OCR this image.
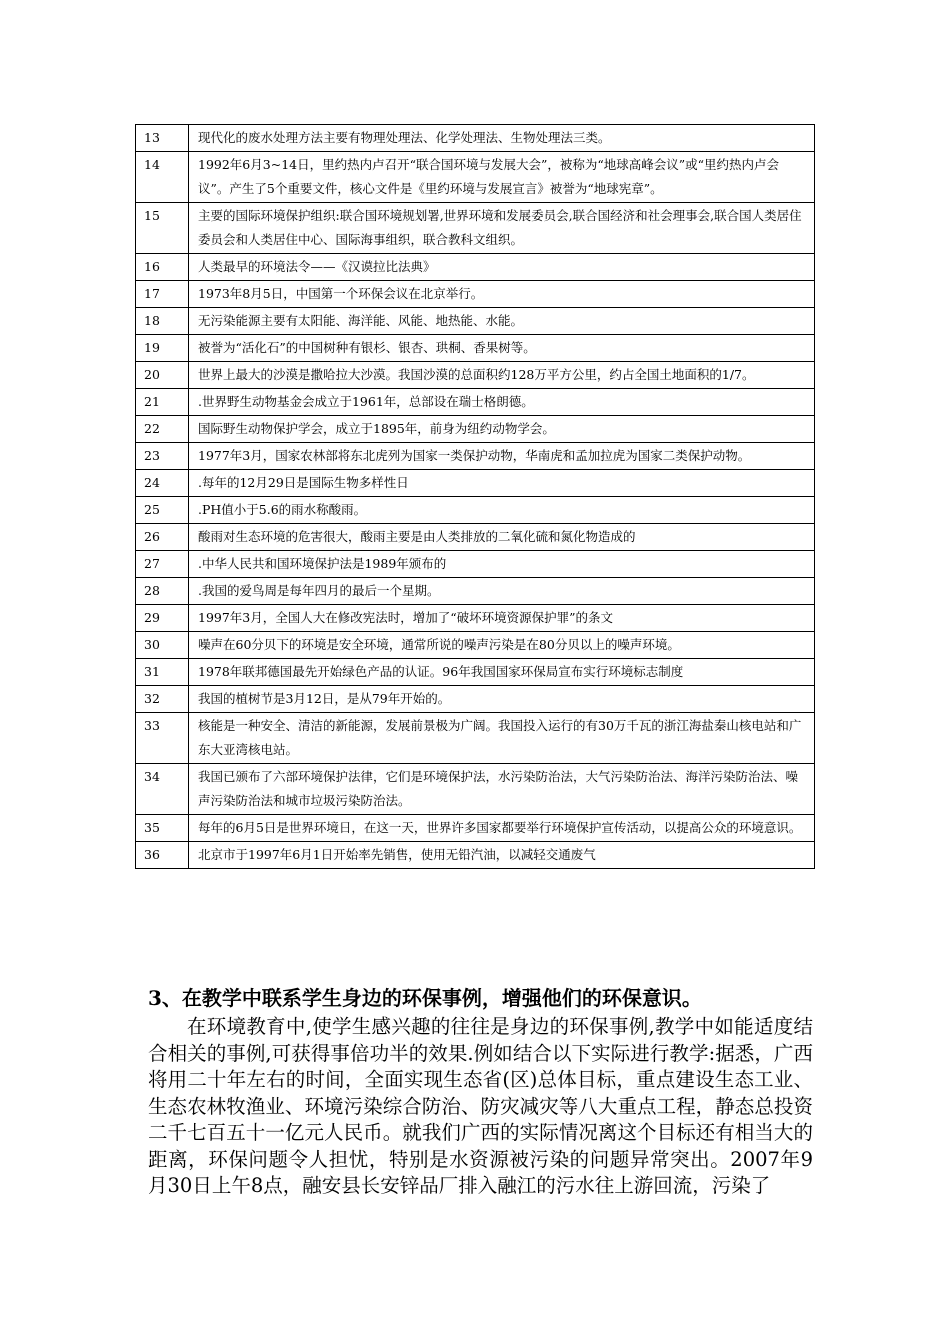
13	现代化的废水处理方法主要有物理处理法、化学处理法、生物处理法三类。
14	1992年6月3~14日，里约热内卢召开“联合国环境与发展大会”，被称为“地球高峰会议”或“里约热内卢会议”。产生了5个重要文件，核心文件是《里约环境与发展宣言》被誉为“地球宪章”。
15	主要的国际环境保护组织:联合国环境规划署,世界环境和发展委员会,联合国经济和社会理事会,联合国人类居住委员会和人类居住中心、国际海事组织，联合教科文组织。
16	人类最早的环境法令——《汉谟拉比法典》
17	1973年8月5日，中国第一个环保会议在北京举行。
18	无污染能源主要有太阳能、海洋能、风能、地热能、水能。
19	被誉为“活化石”的中国树种有银杉、银杏、珙桐、香果树等。
20	世界上最大的沙漠是撒哈拉大沙漠。我国沙漠的总面积约128万平方公里，约占全国土地面积的1/7。
21	.世界野生动物基金会成立于1961年，总部设在瑞士格朗德。
22	国际野生动物保护学会，成立于1895年，前身为纽约动物学会。
23	1977年3月，国家农林部将东北虎列为国家一类保护动物，华南虎和孟加拉虎为国家二类保护动物。
24	.每年的12月29日是国际生物多样性日
25	.PH值小于5.6的雨水称酸雨。
26	酸雨对生态环境的危害很大，酸雨主要是由人类排放的二氧化硫和氮化物造成的
27	.中华人民共和国环境保护法是1989年颁布的
28	.我国的爱鸟周是每年四月的最后一个星期。
29	1997年3月，全国人大在修改宪法时，增加了“破坏环境资源保护罪”的条文
30	噪声在60分贝下的环境是安全环境，通常所说的噪声污染是在80分贝以上的噪声环境。
31	1978年联邦德国最先开始绿色产品的认证。96年我国国家环保局宣布实行环境标志制度
32	我国的植树节是3月12日，是从79年开始的。
33	核能是一种安全、清洁的新能源，发展前景极为广阔。我国投入运行的有30万千瓦的浙江海盐秦山核电站和广东大亚湾核电站。
34	我国已颁布了六部环境保护法律，它们是环境保护法，水污染防治法，大气污染防治法、海洋污染防治法、噪声污染防治法和城市垃圾污染防治法。
35	每年的6月5日是世界环境日，在这一天，世界许多国家都要举行环境保护宣传活动，以提高公众的环境意识。
36	北京市于1997年6月1日开始率先销售，使用无铅汽油，以减轻交通废气
3、在教学中联系学生身边的环保事例，增强他们的环保意识。
在环境教育中,使学生感兴趣的往往是身边的环保事例,教学中如能适度结合相关的事例,可获得事倍功半的效果.例如结合以下实际进行教学:据悉，广西将用二十年左右的时间，全面实现生态省(区)总体目标，重点建设生态工业、生态农林牧渔业、环境污染综合防治、防灾减灾等八大重点工程，静态总投资二千七百五十一亿元人民币。就我们广西的实际情况离这个目标还有相当大的距离，环保问题令人担忧，特别是水资源被污染的问题异常突出。2007年9月30日上午8点，融安县长安锌品厂排入融江的污水往上游回流，污染了
